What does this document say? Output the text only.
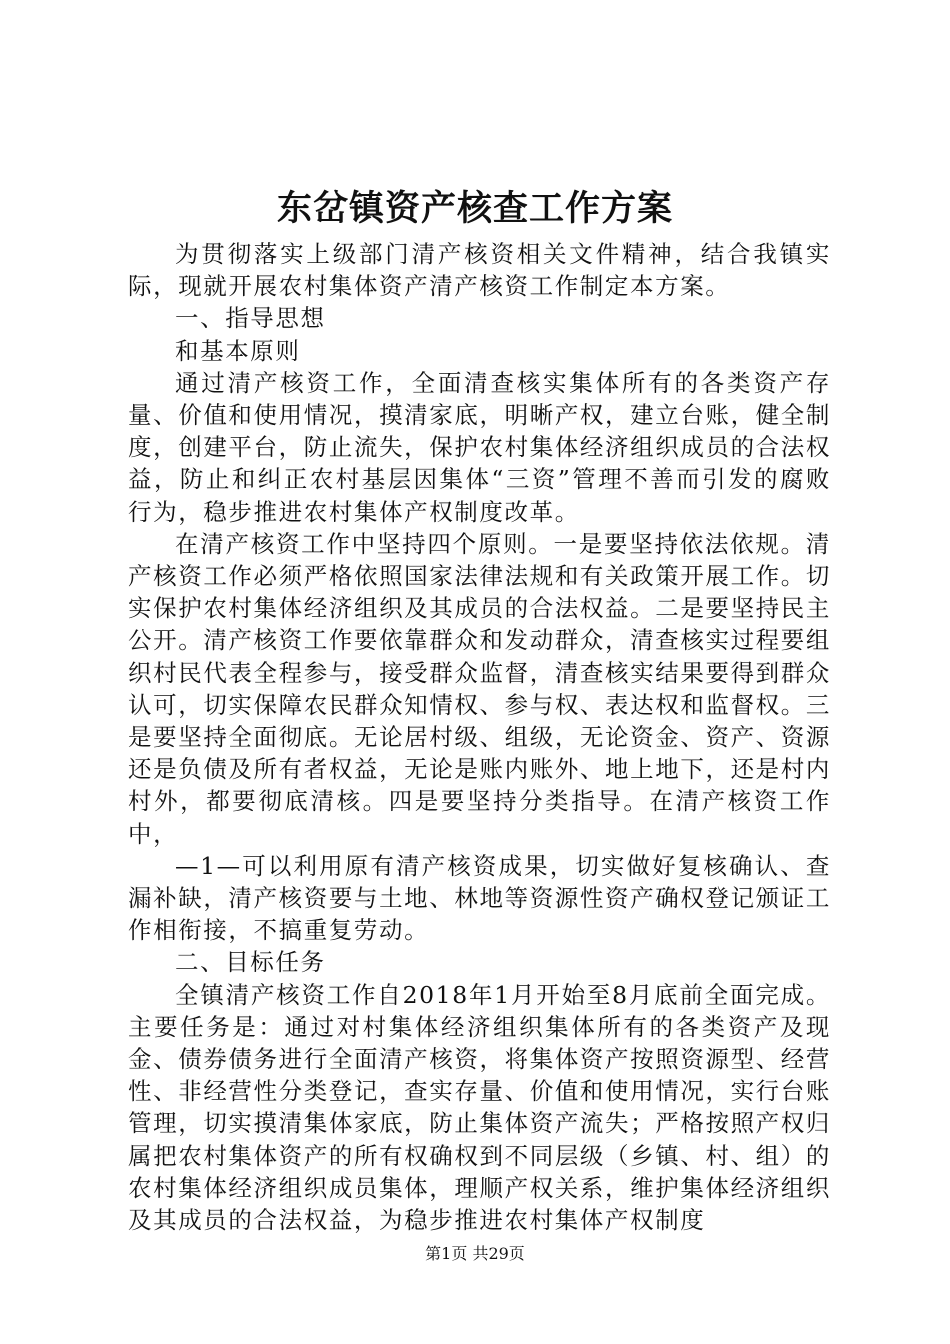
东岔镇资产核查工作方案

为贯彻落实上级部门清产核资相关文件精神，结合我镇实际，现就开展农村集体资产清产核资工作制定本方案。

一、指导思想

和基本原则

通过清产核资工作，全面清查核实集体所有的各类资产存量、价值和使用情况，摸清家底，明晰产权，建立台账，健全制度，创建平台，防止流失，保护农村集体经济组织成员的合法权益，防止和纠正农村基层因集体“三资”管理不善而引发的腐败行为，稳步推进农村集体产权制度改革。

在清产核资工作中坚持四个原则。一是要坚持依法依规。清产核资工作必须严格依照国家法律法规和有关政策开展工作。切实保护农村集体经济组织及其成员的合法权益。二是要坚持民主公开。清产核资工作要依靠群众和发动群众，清查核实过程要组织村民代表全程参与，接受群众监督，清查核实结果要得到群众认可，切实保障农民群众知情权、参与权、表达权和监督权。三是要坚持全面彻底。无论居村级、组级，无论资金、资产、资源还是负债及所有者权益，无论是账内账外、地上地下，还是村内村外，都要彻底清核。四是要坚持分类指导。在清产核资工作中，

—1—可以利用原有清产核资成果，切实做好复核确认、查漏补缺，清产核资要与土地、林地等资源性资产确权登记颁证工作相衔接，不搞重复劳动。

二、目标任务

全镇清产核资工作自2018年1月开始至8月底前全面完成。主要任务是：通过对村集体经济组织集体所有的各类资产及现金、债券债务进行全面清产核资，将集体资产按照资源型、经营性、非经营性分类登记，查实存量、价值和使用情况，实行台账管理，切实摸清集体家底，防止集体资产流失；严格按照产权归属把农村集体资产的所有权确权到不同层级（乡镇、村、组）的农村集体经济组织成员集体，理顺产权关系，维护集体经济组织及其成员的合法权益，为稳步推进农村集体产权制度

第1页 共29页
